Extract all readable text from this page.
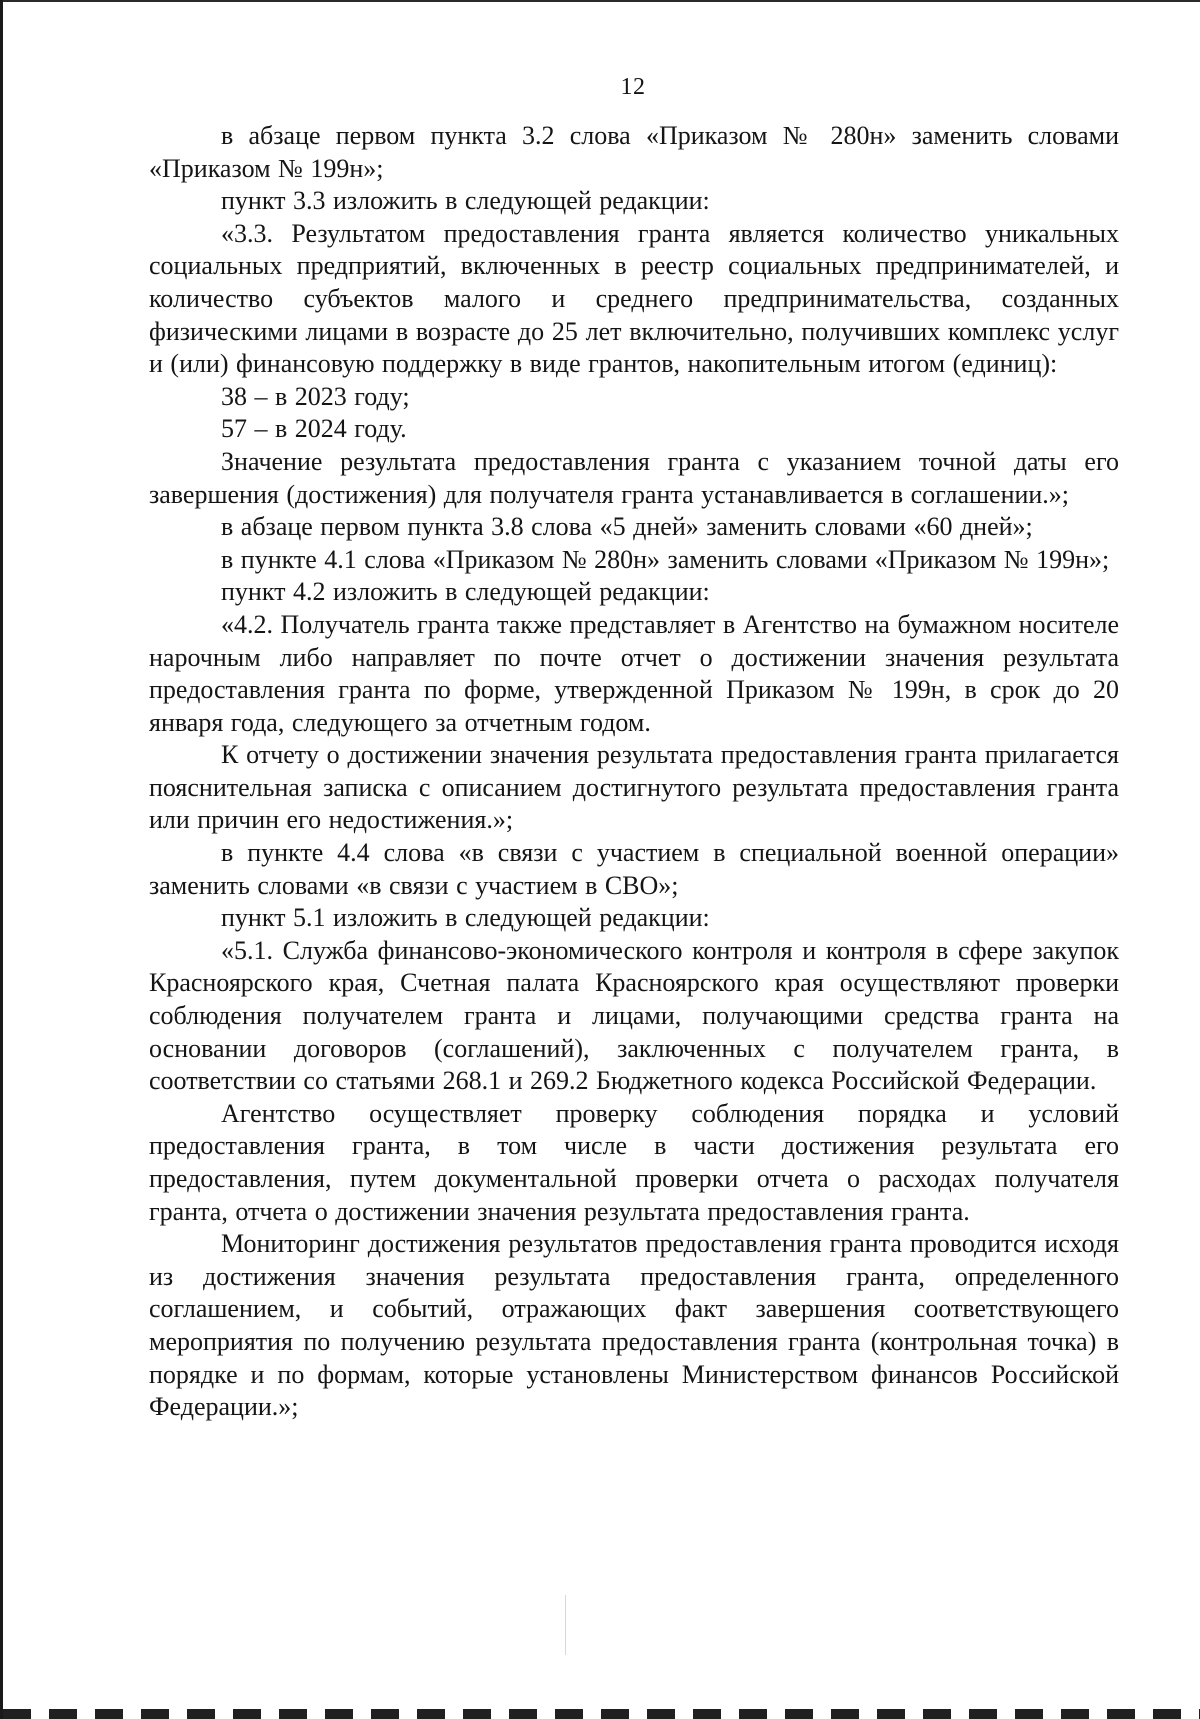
12

в абзаце первом пункта 3.2 слова «Приказом № 280н» заменить словами «Приказом № 199н»;

пункт 3.3 изложить в следующей редакции:

«3.3. Результатом предоставления гранта является количество уникальных социальных предприятий, включенных в реестр социальных предпринимателей, и количество субъектов малого и среднего предпринимательства, созданных физическими лицами в возрасте до 25 лет включительно, получивших комплекс услуг и (или) финансовую поддержку в виде грантов, накопительным итогом (единиц):

38 – в 2023 году;

57 – в 2024 году.

Значение результата предоставления гранта с указанием точной даты его завершения (достижения) для получателя гранта устанавливается в соглашении.»;

в абзаце первом пункта 3.8 слова «5 дней» заменить словами «60 дней»;

в пункте 4.1 слова «Приказом № 280н» заменить словами «Приказом № 199н»;

пункт 4.2 изложить в следующей редакции:

«4.2. Получатель гранта также представляет в Агентство на бумажном носителе нарочным либо направляет по почте отчет о достижении значения результата предоставления гранта по форме, утвержденной Приказом № 199н, в срок до 20 января года, следующего за отчетным годом.

К отчету о достижении значения результата предоставления гранта прилагается пояснительная записка с описанием достигнутого результата предоставления гранта или причин его недостижения.»;

в пункте 4.4 слова «в связи с участием в специальной военной операции» заменить словами «в связи с участием в СВО»;

пункт 5.1 изложить в следующей редакции:

«5.1. Служба финансово-экономического контроля и контроля в сфере закупок Красноярского края, Счетная палата Красноярского края осуществляют проверки соблюдения получателем гранта и лицами, получающими средства гранта на основании договоров (соглашений), заключенных с получателем гранта, в соответствии со статьями 268.1 и 269.2 Бюджетного кодекса Российской Федерации.

Агентство осуществляет проверку соблюдения порядка и условий предоставления гранта, в том числе в части достижения результата его предоставления, путем документальной проверки отчета о расходах получателя гранта, отчета о достижении значения результата предоставления гранта.

Мониторинг достижения результатов предоставления гранта проводится исходя из достижения значения результата предоставления гранта, определенного соглашением, и событий, отражающих факт завершения соответствующего мероприятия по получению результата предоставления гранта (контрольная точка) в порядке и по формам, которые установлены Министерством финансов Российской Федерации.»;
